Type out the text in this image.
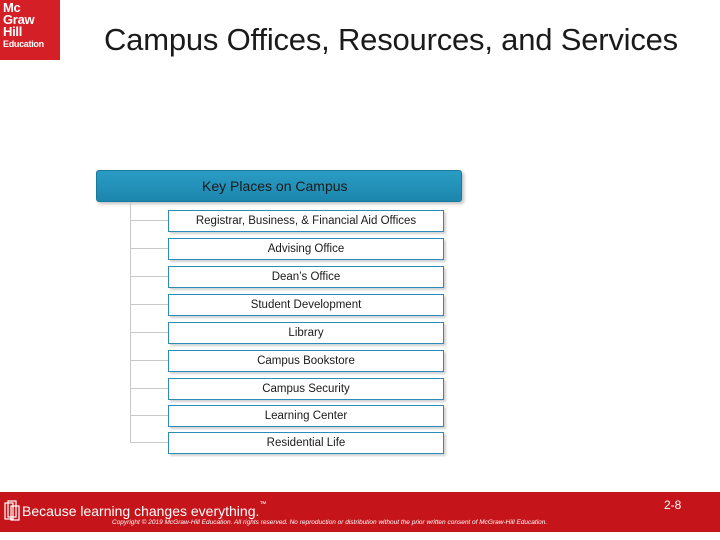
Mc
Graw
Hill
Education	Campus Offices, Resources, and Services
Key Places on Campus
Registrar, Business, & Financial Aid Offices
Advising Office
Dean’s Office
Student Development
Library
Campus Bookstore
Campus Security
Learning Center
Residential Life
Because learning changes everything.™	2-8
Copyright © 2019 McGraw-Hill Education. All rights reserved. No reproduction or distribution without the prior written consent of McGraw-Hill Education.
